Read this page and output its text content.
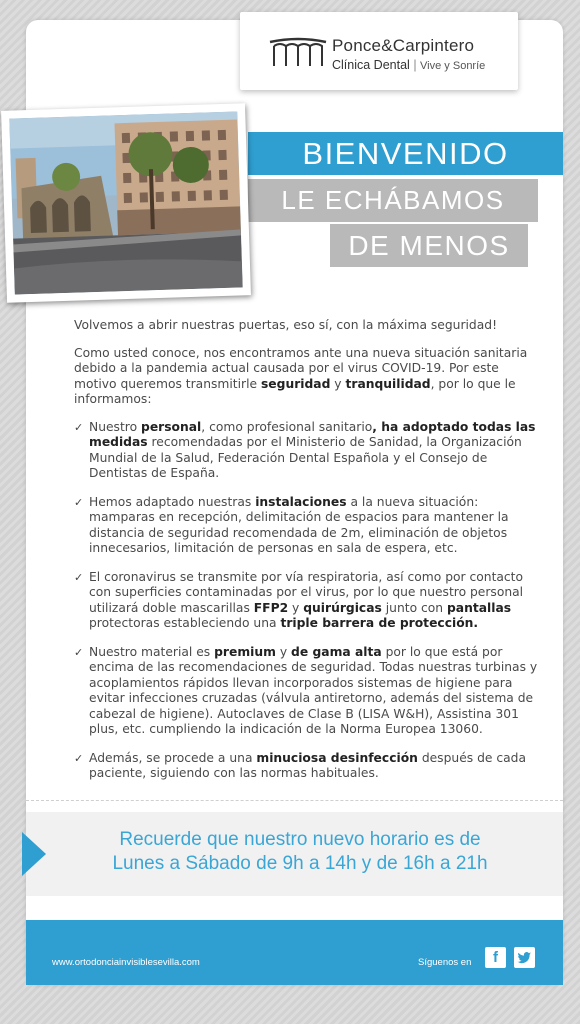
Ponce&Carpintero
Clínica Dental | Vive y Sonríe
BIENVENIDO
LE ECHÁBAMOS
DE MENOS

Volvemos a abrir nuestras puertas, eso sí, con la máxima seguridad!

Como usted conoce, nos encontramos ante una nueva situación sanitaria debido a la pandemia actual causada por el virus COVID-19. Por este motivo queremos transmitirle seguridad y tranquilidad, por lo que le informamos:

✓ Nuestro personal, como profesional sanitario, ha adoptado todas las medidas recomendadas por el Ministerio de Sanidad, la Organización Mundial de la Salud, Federación Dental Española y el Consejo de Dentistas de España.
✓ Hemos adaptado nuestras instalaciones a la nueva situación: mamparas en recepción, delimitación de espacios para mantener la distancia de seguridad recomendada de 2m, eliminación de objetos innecesarios, limitación de personas en sala de espera, etc.
✓ El coronavirus se transmite por vía respiratoria, así como por contacto con superficies contaminadas por el virus, por lo que nuestro personal utilizará doble mascarillas FFP2 y quirúrgicas junto con pantallas protectoras estableciendo una triple barrera de protección.
✓ Nuestro material es premium y de gama alta por lo que está por encima de las recomendaciones de seguridad. Todas nuestras turbinas y acoplamientos rápidos llevan incorporados sistemas de higiene para evitar infecciones cruzadas (válvula antiretorno, además del sistema de cabezal de higiene). Autoclaves de Clase B (LISA W&H), Assistina 301 plus, etc. cumpliendo la indicación de la Norma Europea 13060.
✓ Además, se procede a una minuciosa desinfección después de cada paciente, siguiendo con las normas habituales.
Recuerde que nuestro nuevo horario es de
Lunes a Sábado de 9h a 14h y de 16h a 21h
www.ortodonciainvisiblesevilla.com	Síguenos en	f
